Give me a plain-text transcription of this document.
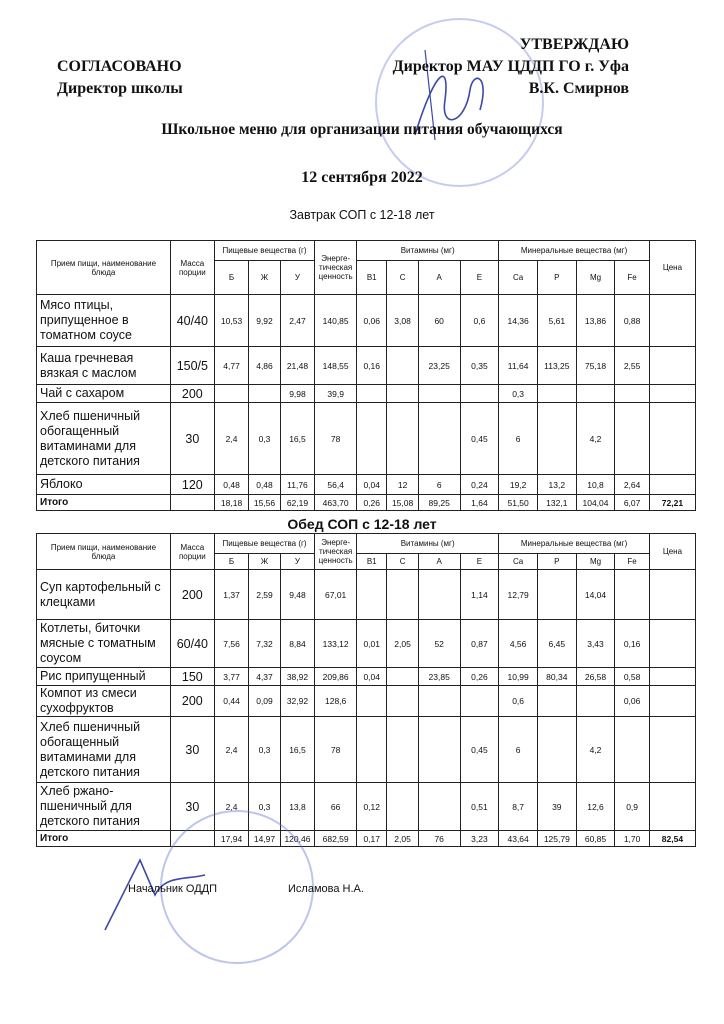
СОГЛАСОВАНО
Директор школы
УТВЕРЖДАЮ
Директор МАУ ЦДДП ГО г. Уфа
В.К. Смирнов
Школьное меню для организации питания обучающихся
12 сентября 2022
Завтрак СОП с 12-18 лет
Прием пищи, наименование блюда	Масса порции	Пищевые вещества (г)			Энерге-тическая ценность	Витамины (мг)				Минеральные вещества (мг)				Цена
		Б	Ж	У		В1	С	А	Е	Ca	P	Mg	Fe	
Мясо птицы, припущенное в томатном соусе	40/40	10,53	9,92	2,47	140,85	0,06	3,08	60	0,6	14,36	5,61	13,86	0,88	
Каша гречневая вязкая с маслом	150/5	4,77	4,86	21,48	148,55	0,16		23,25	0,35	11,64	113,25	75,18	2,55	
Чай с сахаром	200			9,98	39,9					0,3				
Хлеб пшеничный обогащенный витаминами для детского питания	30	2,4	0,3	16,5	78				0,45	6		4,2		
Яблоко	120	0,48	0,48	11,76	56,4	0,04	12	6	0,24	19,2	13,2	10,8	2,64	
Итого		18,18	15,56	62,19	463,70	0,26	15,08	89,25	1,64	51,50	132,1	104,04	6,07	72,21
Обед СОП с 12-18 лет
Прием пищи, наименование блюда	Масса порции	Пищевые вещества (г)			Энерге-тическая ценность	Витамины (мг)				Минеральные вещества (мг)				Цена
		Б	Ж	У		В1	С	А	Е	Ca	P	Mg	Fe	
Суп картофельный с клецками	200	1,37	2,59	9,48	67,01				1,14	12,79		14,04		
Котлеты, биточки мясные с томатным соусом	60/40	7,56	7,32	8,84	133,12	0,01	2,05	52	0,87	4,56	6,45	3,43	0,16	
Рис припущенный	150	3,77	4,37	38,92	209,86	0,04		23,85	0,26	10,99	80,34	26,58	0,58	
Компот из смеси сухофруктов	200	0,44	0,09	32,92	128,6					0,6			0,06	
Хлеб пшеничный обогащенный витаминами для детского питания	30	2,4	0,3	16,5	78				0,45	6		4,2		
Хлеб ржано-пшеничный для детского питания	30	2,4	0,3	13,8	66	0,12			0,51	8,7	39	12,6	0,9	
Итого		17,94	14,97	120,46	682,59	0,17	2,05	76	3,23	43,64	125,79	60,85	1,70	82,54
Начальник ОДДП	Исламова Н.А.
